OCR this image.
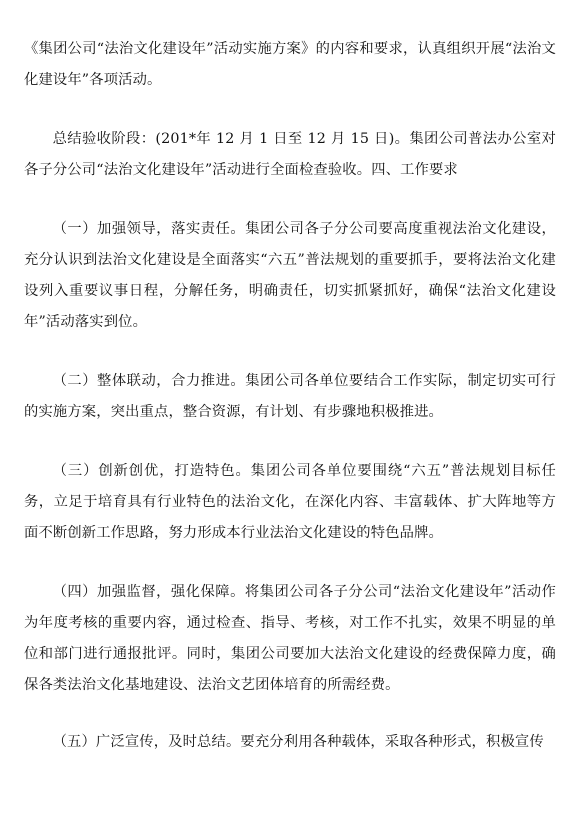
《集团公司“法治文化建设年”活动实施方案》的内容和要求，认真组织开展“法治文化建设年”各项活动。

总结验收阶段：(201*年 12 月 1 日至 12 月 15 日)。集团公司普法办公室对各子分公司“法治文化建设年”活动进行全面检查验收。四、工作要求

（一）加强领导，落实责任。集团公司各子分公司要高度重视法治文化建设，充分认识到法治文化建设是全面落实“六五”普法规划的重要抓手，要将法治文化建设列入重要议事日程，分解任务，明确责任，切实抓紧抓好，确保“法治文化建设年”活动落实到位。

（二）整体联动，合力推进。集团公司各单位要结合工作实际，制定切实可行的实施方案，突出重点，整合资源，有计划、有步骤地积极推进。

（三）创新创优，打造特色。集团公司各单位要围绕“六五”普法规划目标任务，立足于培育具有行业特色的法治文化，在深化内容、丰富载体、扩大阵地等方面不断创新工作思路，努力形成本行业法治文化建设的特色品牌。

（四）加强监督，强化保障。将集团公司各子分公司“法治文化建设年”活动作为年度考核的重要内容，通过检查、指导、考核，对工作不扎实，效果不明显的单位和部门进行通报批评。同时，集团公司要加大法治文化建设的经费保障力度，确保各类法治文化基地建设、法治文艺团体培育的所需经费。

（五）广泛宣传，及时总结。要充分利用各种载体，采取各种形式，积极宣传
